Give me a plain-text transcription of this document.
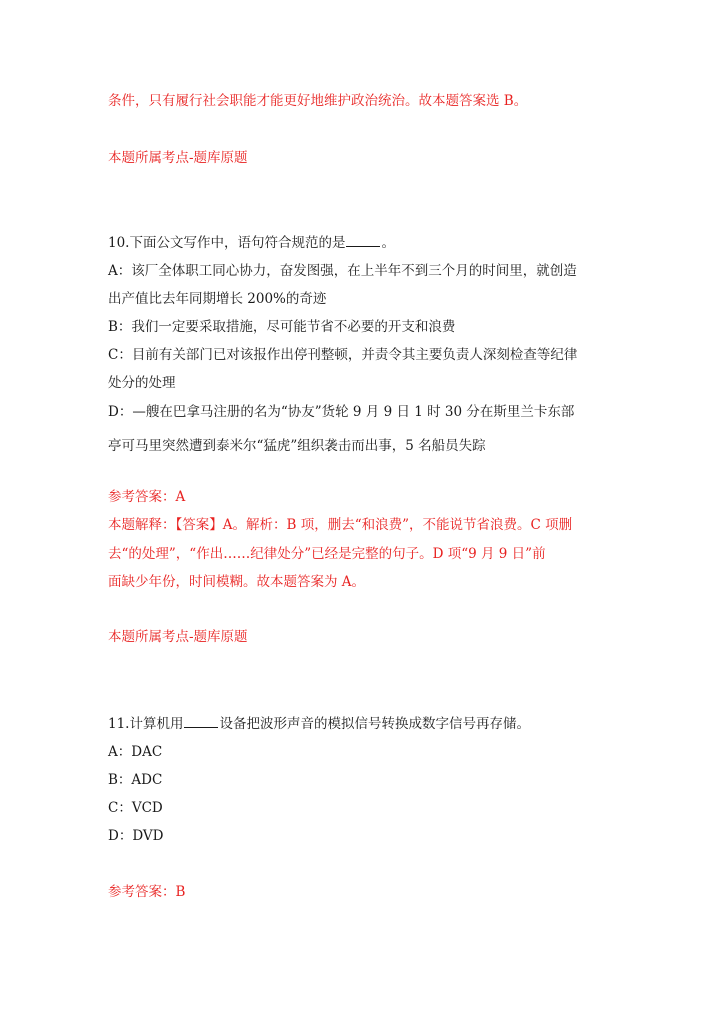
条件，只有履行社会职能才能更好地维护政治统治。故本题答案选 B。
本题所属考点-题库原题
10.下面公文写作中，语句符合规范的是	。
A：该厂全体职工同心协力，奋发图强，在上半年不到三个月的时间里，就创造
出产值比去年同期增长 200%的奇迹
B：我们一定要采取措施，尽可能节省不必要的开支和浪费
C：目前有关部门已对该报作出停刊整顿，并责令其主要负责人深刻检查等纪律
处分的处理
D：—艘在巴拿马注册的名为“协友”货轮 9 月 9 日 1 时 30 分在斯里兰卡东部
亭可马里突然遭到泰米尔“猛虎”组织袭击而出事，5 名船员失踪
参考答案：A
本题解释：【答案】A。解析：B 项，删去“和浪费”，不能说节省浪费。C 项删
去“的处理”，“作出……纪律处分”已经是完整的句子。D 项“9 月 9 日”前
面缺少年份，时间模糊。故本题答案为 A。
本题所属考点-题库原题
11.计算机用	设备把波形声音的模拟信号转换成数字信号再存储。
A：DAC
B：ADC
C：VCD
D：DVD
参考答案：B
